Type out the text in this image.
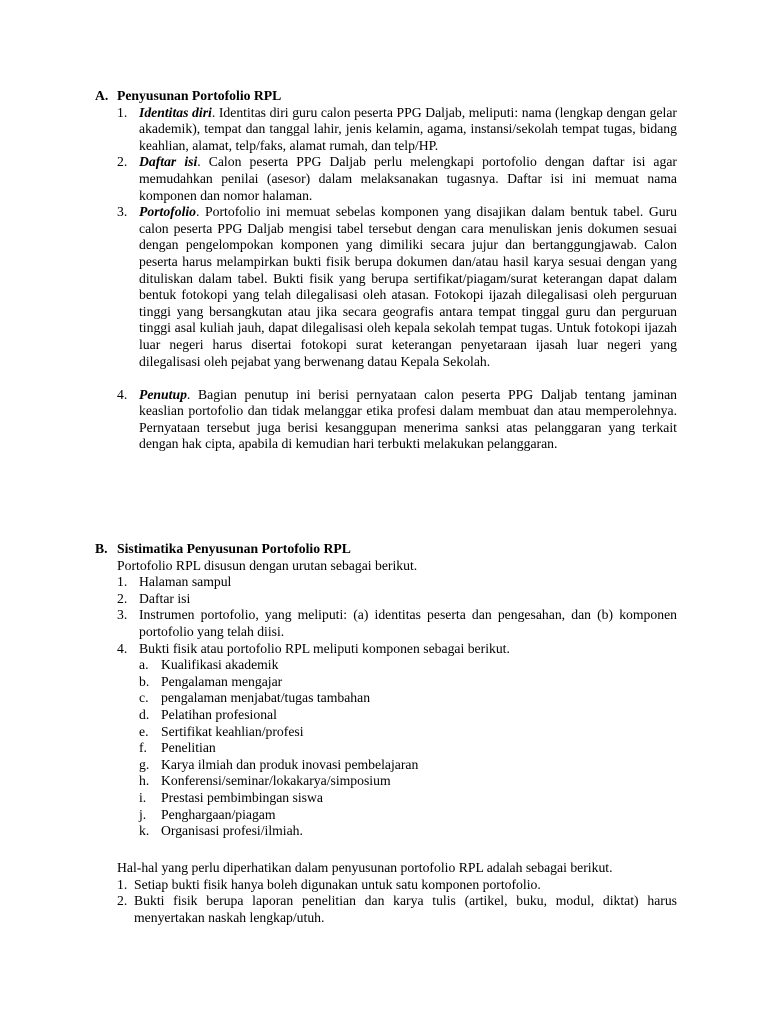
A. Penyusunan Portofolio RPL
1. Identitas diri. Identitas diri guru calon peserta PPG Daljab, meliputi: nama (lengkap dengan gelar akademik), tempat dan tanggal lahir, jenis kelamin, agama, instansi/sekolah tempat tugas, bidang keahlian, alamat, telp/faks, alamat rumah, dan telp/HP.
2. Daftar isi. Calon peserta PPG Daljab perlu melengkapi portofolio dengan daftar isi agar memudahkan penilai (asesor) dalam melaksanakan tugasnya. Daftar isi ini memuat nama komponen dan nomor halaman.
3. Portofolio. Portofolio ini memuat sebelas komponen yang disajikan dalam bentuk tabel. Guru calon peserta PPG Daljab mengisi tabel tersebut dengan cara menuliskan jenis dokumen sesuai dengan pengelompokan komponen yang dimiliki secara jujur dan bertanggungjawab. Calon peserta harus melampirkan bukti fisik berupa dokumen dan/atau hasil karya sesuai dengan yang dituliskan dalam tabel. Bukti fisik yang berupa sertifikat/piagam/surat keterangan dapat dalam bentuk fotokopi yang telah dilegalisasi oleh atasan. Fotokopi ijazah dilegalisasi oleh perguruan tinggi yang bersangkutan atau jika secara geografis antara tempat tinggal guru dan perguruan tinggi asal kuliah jauh, dapat dilegalisasi oleh kepala sekolah tempat tugas. Untuk fotokopi ijazah luar negeri harus disertai fotokopi surat keterangan penyetaraan ijasah luar negeri yang dilegalisasi oleh pejabat yang berwenang datau Kepala Sekolah.
4. Penutup. Bagian penutup ini berisi pernyataan calon peserta PPG Daljab tentang jaminan keaslian portofolio dan tidak melanggar etika profesi dalam membuat dan atau memperolehnya. Pernyataan tersebut juga berisi kesanggupan menerima sanksi atas pelanggaran yang terkait dengan hak cipta, apabila di kemudian hari terbukti melakukan pelanggaran.
B. Sistimatika Penyusunan Portofolio RPL
Portofolio RPL disusun dengan urutan sebagai berikut.
1. Halaman sampul
2. Daftar isi
3. Instrumen portofolio, yang meliputi: (a) identitas peserta dan pengesahan, dan (b) komponen portofolio yang telah diisi.
4. Bukti fisik atau portofolio RPL meliputi komponen sebagai berikut.
a. Kualifikasi akademik
b. Pengalaman mengajar
c. pengalaman menjabat/tugas tambahan
d. Pelatihan profesional
e. Sertifikat keahlian/profesi
f. Penelitian
g. Karya ilmiah dan produk inovasi pembelajaran
h. Konferensi/seminar/lokakarya/simposium
i. Prestasi pembimbingan siswa
j. Penghargaan/piagam
k. Organisasi profesi/ilmiah.
Hal-hal yang perlu diperhatikan dalam penyusunan portofolio RPL adalah sebagai berikut.
1. Setiap bukti fisik hanya boleh digunakan untuk satu komponen portofolio.
2. Bukti fisik berupa laporan penelitian dan karya tulis (artikel, buku, modul, diktat) harus menyertakan naskah lengkap/utuh.
